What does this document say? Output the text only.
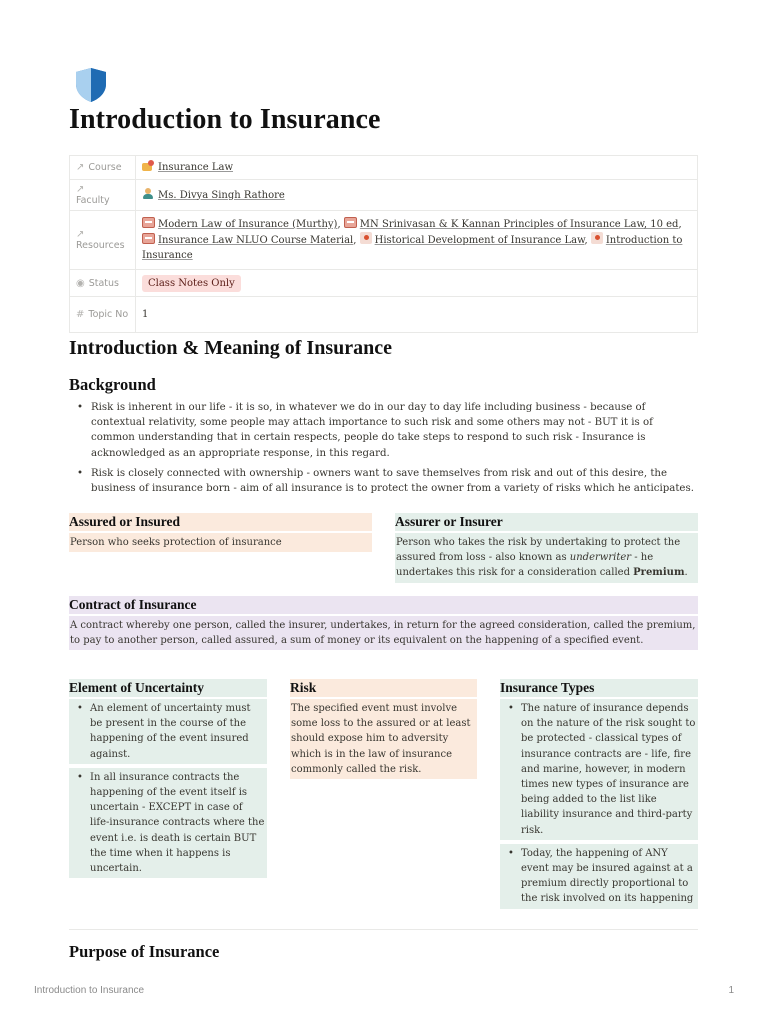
Introduction to Insurance
↗ Course	Insurance Law
↗
Faculty	Ms. Divya Singh Rathore
↗
Resources	Modern Law of Insurance (Murthy), MN Srinivasan & K Kannan Principles of Insurance Law, 10 ed, Insurance Law NLUO Course Material, Historical Development of Insurance Law, Introduction to Insurance
◉ Status	Class Notes Only
# Topic No	1
Introduction & Meaning of Insurance
Background
• Risk is inherent in our life - it is so, in whatever we do in our day to day life including business - because of contextual relativity, some people may attach importance to such risk and some others may not - BUT it is of common understanding that in certain respects, people do take steps to respond to such risk - Insurance is acknowledged as an appropriate response, in this regard.
• Risk is closely connected with ownership - owners want to save themselves from risk and out of this desire, the business of insurance born - aim of all insurance is to protect the owner from a variety of risks which he anticipates.
Assured or Insured
Person who seeks protection of insurance
Assurer or Insurer
Person who takes the risk by undertaking to protect the assured from loss - also known as underwriter - he undertakes this risk for a consideration called Premium.
Contract of Insurance
A contract whereby one person, called the insurer, undertakes, in return for the agreed consideration, called the premium, to pay to another person, called assured, a sum of money or its equivalent on the happening of a specified event.
Element of Uncertainty
• An element of uncertainty must be present in the course of the happening of the event insured against.
• In all insurance contracts the happening of the event itself is uncertain - EXCEPT in case of life-insurance contracts where the event i.e. is death is certain BUT the time when it happens is uncertain.
Risk
The specified event must involve some loss to the assured or at least should expose him to adversity which is in the law of insurance commonly called the risk.
Insurance Types
• The nature of insurance depends on the nature of the risk sought to be protected - classical types of insurance contracts are - life, fire and marine, however, in modern times new types of insurance are being added to the list like liability insurance and third-party risk.
• Today, the happening of ANY event may be insured against at a premium directly proportional to the risk involved on its happening
Purpose of Insurance
Introduction to Insurance	1
